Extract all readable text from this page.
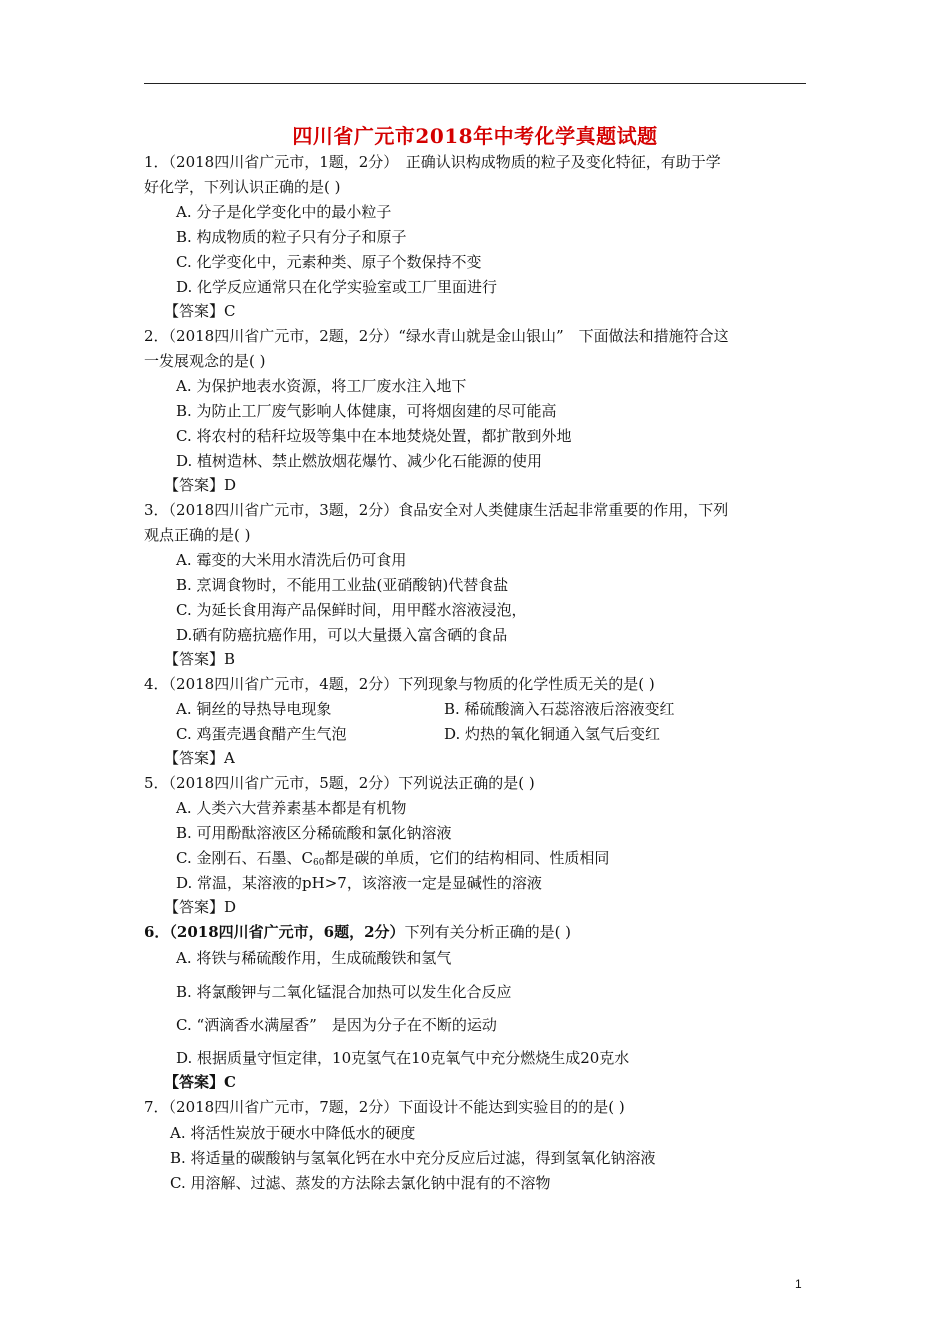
四川省广元市2018年中考化学真题试题
1．（2018四川省广元市，1题，2分）　正确认识构成物质的粒子及变化特征，有助于学
好化学，下列认识正确的是( )
A. 分子是化学变化中的最小粒子
B. 构成物质的粒子只有分子和原子
C. 化学变化中，元素种类、原子个数保持不变
D. 化学反应通常只在化学实验室或工厂里面进行
【答案】C
2．（2018四川省广元市，2题，2分）“绿水青山就是金山银山”　下面做法和措施符合这
一发展观念的是( )
A. 为保护地表水资源，将工厂废水注入地下
B. 为防止工厂废气影响人体健康，可将烟囱建的尽可能高
C. 将农村的秸秆垃圾等集中在本地焚烧处置，都扩散到外地
D. 植树造林、禁止燃放烟花爆竹、减少化石能源的使用
【答案】D
3．（2018四川省广元市，3题，2分）食品安全对人类健康生活起非常重要的作用，下列
观点正确的是( )
A. 霉变的大米用水清洗后仍可食用
B. 烹调食物时，不能用工业盐(亚硝酸钠)代替食盐
C. 为延长食用海产品保鲜时间，用甲醛水溶液浸泡，
D.硒有防癌抗癌作用，可以大量摄入富含硒的食品
【答案】B
4．（2018四川省广元市，4题，2分）下列现象与物质的化学性质无关的是( )
A. 铜丝的导热导电现象	B. 稀硫酸滴入石蕊溶液后溶液变红
C. 鸡蛋壳遇食醋产生气泡	D. 灼热的氧化铜通入氢气后变红
【答案】A
5．（2018四川省广元市，5题，2分）下列说法正确的是( )
A. 人类六大营养素基本都是有机物
B. 可用酚酞溶液区分稀硫酸和氯化钠溶液
C. 金刚石、石墨、$C_{60}$都是碳的单质，它们的结构相同、性质相同
D. 常温，某溶液的pH>7，该溶液一定是显碱性的溶液
【答案】D
6．（2018四川省广元市，6题，2分）下列有关分析正确的是( )
A. 将铁与稀硫酸作用，生成硫酸铁和氢气
B. 将氯酸钾与二氧化锰混合加热可以发生化合反应
C. “洒滴香水满屋香”　是因为分子在不断的运动
D. 根据质量守恒定律，10克氢气在10克氧气中充分燃烧生成20克水
【答案】C
7．（2018四川省广元市，7题，2分）下面设计不能达到实验目的的是( )
A. 将活性炭放于硬水中降低水的硬度
B. 将适量的碳酸钠与氢氧化钙在水中充分反应后过滤，得到氢氧化钠溶液
C. 用溶解、过滤、蒸发的方法除去氯化钠中混有的不溶物
1
